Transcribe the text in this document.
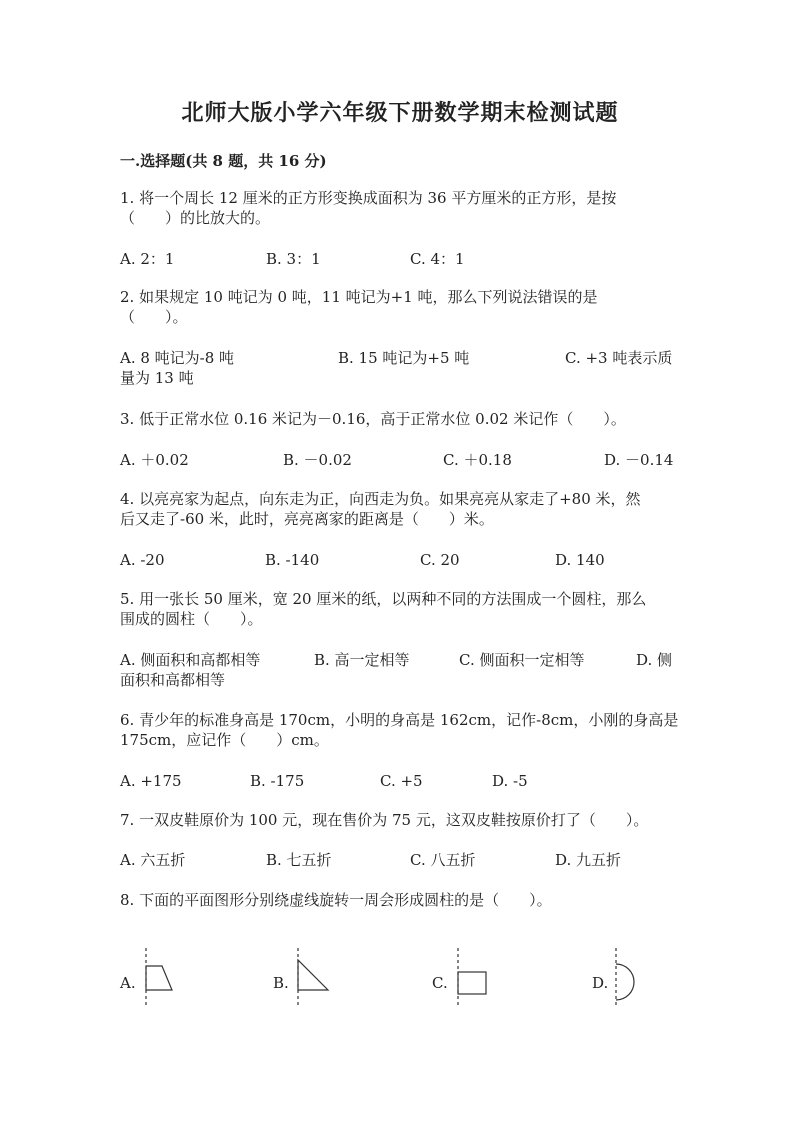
北师大版小学六年级下册数学期末检测试题
一.选择题(共 8 题，共 16 分)
1. 将一个周长 12 厘米的正方形变换成面积为 36 平方厘米的正方形，是按
（　　）的比放大的。
A. 2：1	B. 3：1	C. 4：1
2. 如果规定 10 吨记为 0 吨，11 吨记为+1 吨，那么下列说法错误的是
（　　）。
A. 8 吨记为-8 吨	B. 15 吨记为+5 吨	C. +3 吨表示质
量为 13 吨
3. 低于正常水位 0.16 米记为－0.16，高于正常水位 0.02 米记作（　　）。
A. ＋0.02	B. －0.02	C. ＋0.18	D. －0.14
4. 以亮亮家为起点，向东走为正，向西走为负。如果亮亮从家走了+80 米，然
后又走了-60 米，此时，亮亮离家的距离是（　　）米。
A. -20	B. -140	C. 20	D. 140
5. 用一张长 50 厘米，宽 20 厘米的纸，以两种不同的方法围成一个圆柱，那么
围成的圆柱（　　）。
A. 侧面积和高都相等	B. 高一定相等	C. 侧面积一定相等	D. 侧
面积和高都相等
6. 青少年的标准身高是 170cm，小明的身高是 162cm，记作-8cm，小刚的身高是
175cm，应记作（　　）cm。
A. +175	B. -175	C. +5	D. -5
7. 一双皮鞋原价为 100 元，现在售价为 75 元，这双皮鞋按原价打了（　　）。
A. 六五折	B. 七五折	C. 八五折	D. 九五折
8. 下面的平面图形分别绕虚线旋转一周会形成圆柱的是（　　）。
A.	B.	C.	D.
